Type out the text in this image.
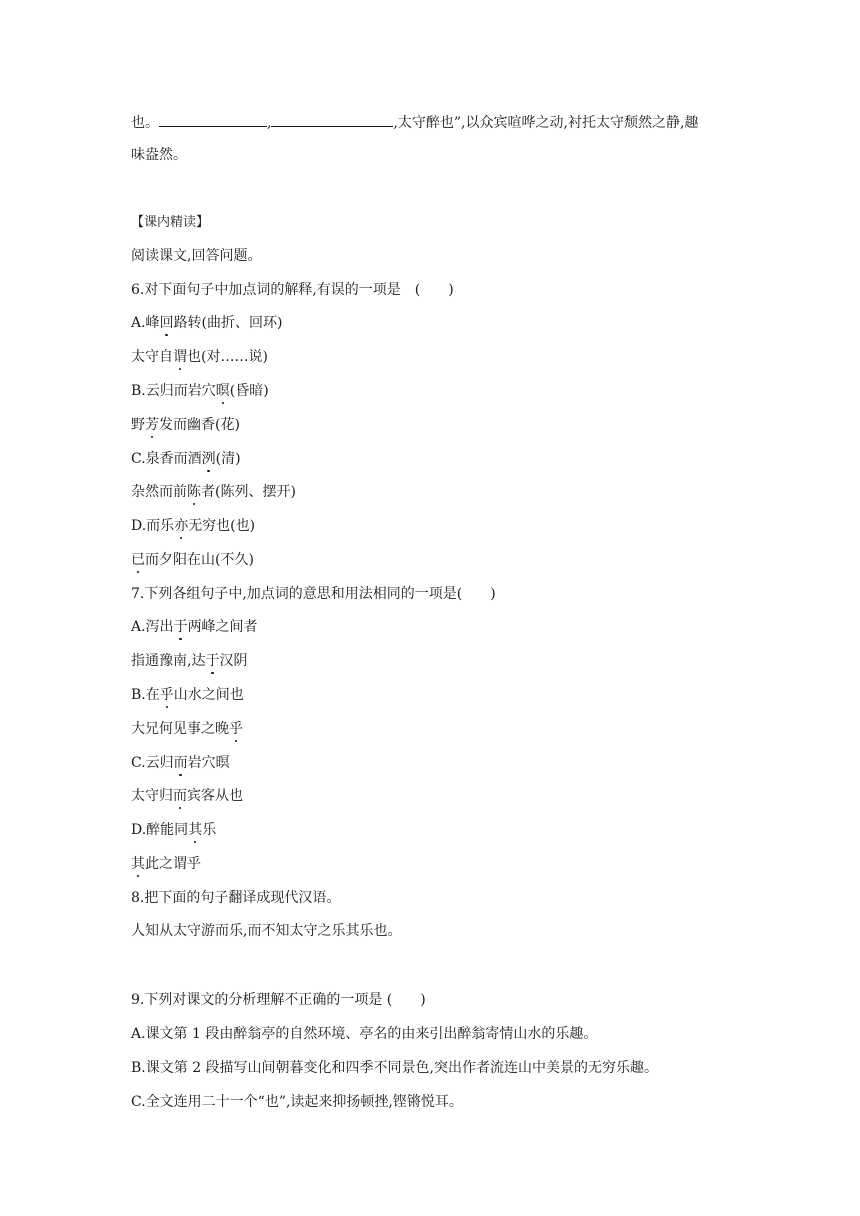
也。	,	,太守醉也”,以众宾喧哗之动,衬托太守颓然之静,趣
味盎然。
【课内精读】
阅读课文,回答问题。
6.对下面句子中加点词的解释,有误的一项是　(　　)
A.峰回路转(曲折、回环)
太守自谓也(对……说)
B.云归而岩穴暝(昏暗)
野芳发而幽香(花)
C.泉香而酒洌(清)
杂然而前陈者(陈列、摆开)
D.而乐亦无穷也(也)
已而夕阳在山(不久)
7.下列各组句子中,加点词的意思和用法相同的一项是(　　)
A.泻出于两峰之间者
指通豫南,达于汉阴
B.在乎山水之间也
大兄何见事之晚乎
C.云归而岩穴暝
太守归而宾客从也
D.醉能同其乐
其此之谓乎
8.把下面的句子翻译成现代汉语。
人知从太守游而乐,而不知太守之乐其乐也。
9.下列对课文的分析理解不正确的一项是 (　　)
A.课文第 1 段由醉翁亭的自然环境、亭名的由来引出醉翁寄情山水的乐趣。
B.课文第 2 段描写山间朝暮变化和四季不同景色,突出作者流连山中美景的无穷乐趣。
C.全文连用二十一个“也”,读起来抑扬顿挫,铿锵悦耳。
